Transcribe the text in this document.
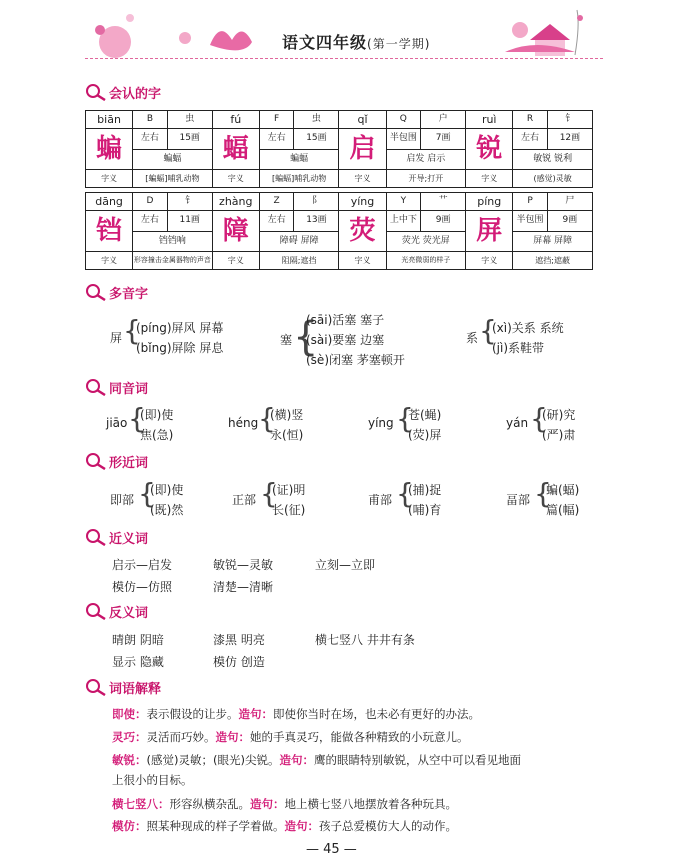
语文四年级(第一学期)
会认的字
biān	B	虫	fú	F	虫	qǐ	Q	户	ruì	R	钅
蝙	左右	15画	蝠	左右	15画	启	半包围	7画	锐	左右	12画
	蝙蝠			蝙蝠			启发 启示			敏锐 锐利	
字义	[蝙蝠]哺乳动物		字义	[蝙蝠]哺乳动物		字义	开导;打开		字义	(感觉)灵敏	
dāng	D	钅	zhàng	Z	阝	yíng	Y	艹	píng	P	尸
铛	左右	11画	障	左右	13画	荧	上中下	9画	屏	半包围	9画
	铛铛响			障碍 屏障			荧光 荧光屏			屏幕 屏障	
字义	形容撞击金属器物的声音		字义	阻隔;遮挡		字义	光亮微弱的样子		字义	遮挡;遮蔽	
多音字
屏 {
(píng)屏风 屏幕
(bǐng)屏除 屏息
塞 {
(sāi)活塞 塞子
(sài)要塞 边塞
(sè)闭塞 茅塞顿开
系 {
(xì)关系 系统
(jì)系鞋带
同音词
jiāo {
(即)使
焦(急)
héng {
(横)竖
永(恒)
yíng {
苍(蝇)
(荧)屏
yán {
(研)究
(严)肃
形近词
即部 {
(即)使
(既)然
正部 {
(证)明
长(征)
甫部 {
(捕)捉
(哺)育
畐部 {
蝙(蝠)
篇(幅)
近义词
启示—启发	敏锐—灵敏	立刻—立即
模仿—仿照	清楚—清晰
反义词
晴朗 阴暗	漆黑 明亮	横七竖八 井井有条
显示 隐藏	模仿 创造
词语解释
即使：表示假设的让步。造句：即使你当时在场，也未必有更好的办法。
灵巧：灵活而巧妙。造句：她的手真灵巧，能做各种精致的小玩意儿。
敏锐：(感觉)灵敏；(眼光)尖锐。造句：鹰的眼睛特别敏锐，从空中可以看见地面
上很小的目标。
横七竖八：形容纵横杂乱。造句：地上横七竖八地摆放着各种玩具。
模仿：照某种现成的样子学着做。造句：孩子总爱模仿大人的动作。
— 45 —
